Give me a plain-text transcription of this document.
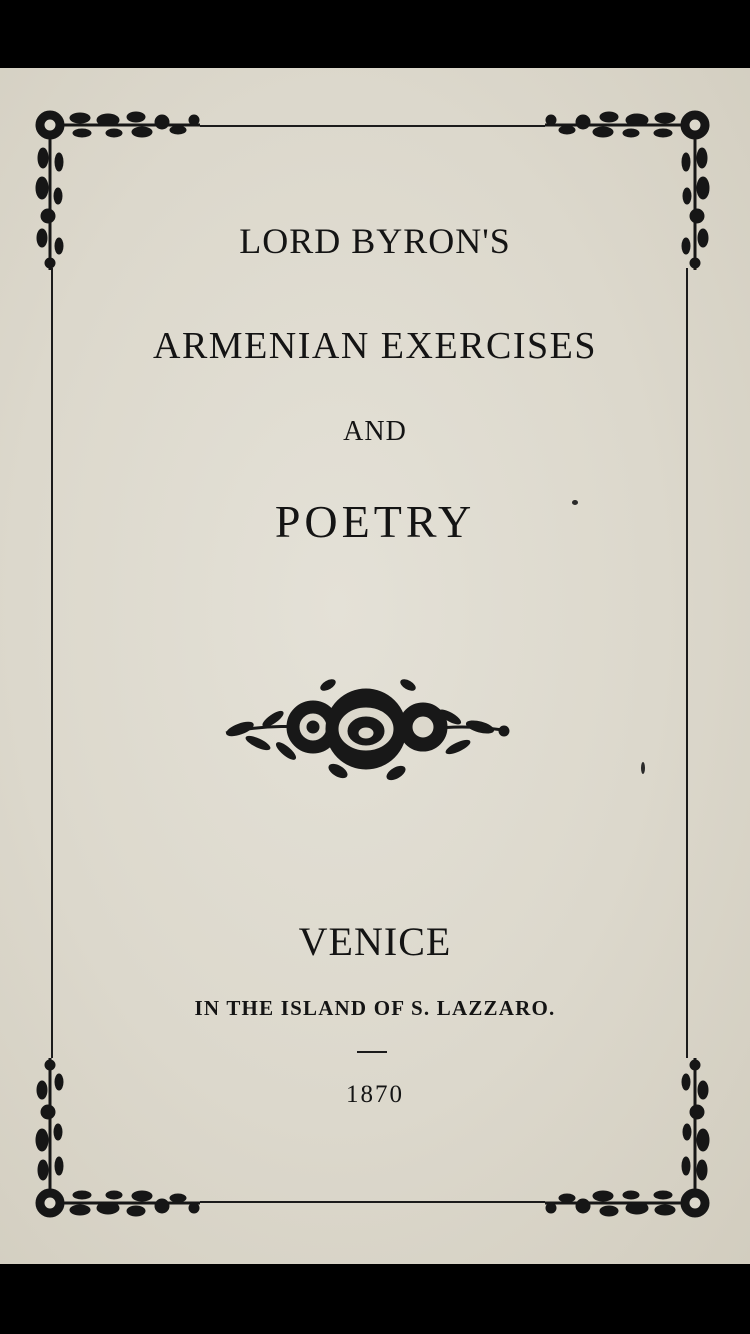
LORD BYRON'S
ARMENIAN EXERCISES
AND
POETRY
VENICE
IN THE ISLAND OF S. LAZZARO.
1870
